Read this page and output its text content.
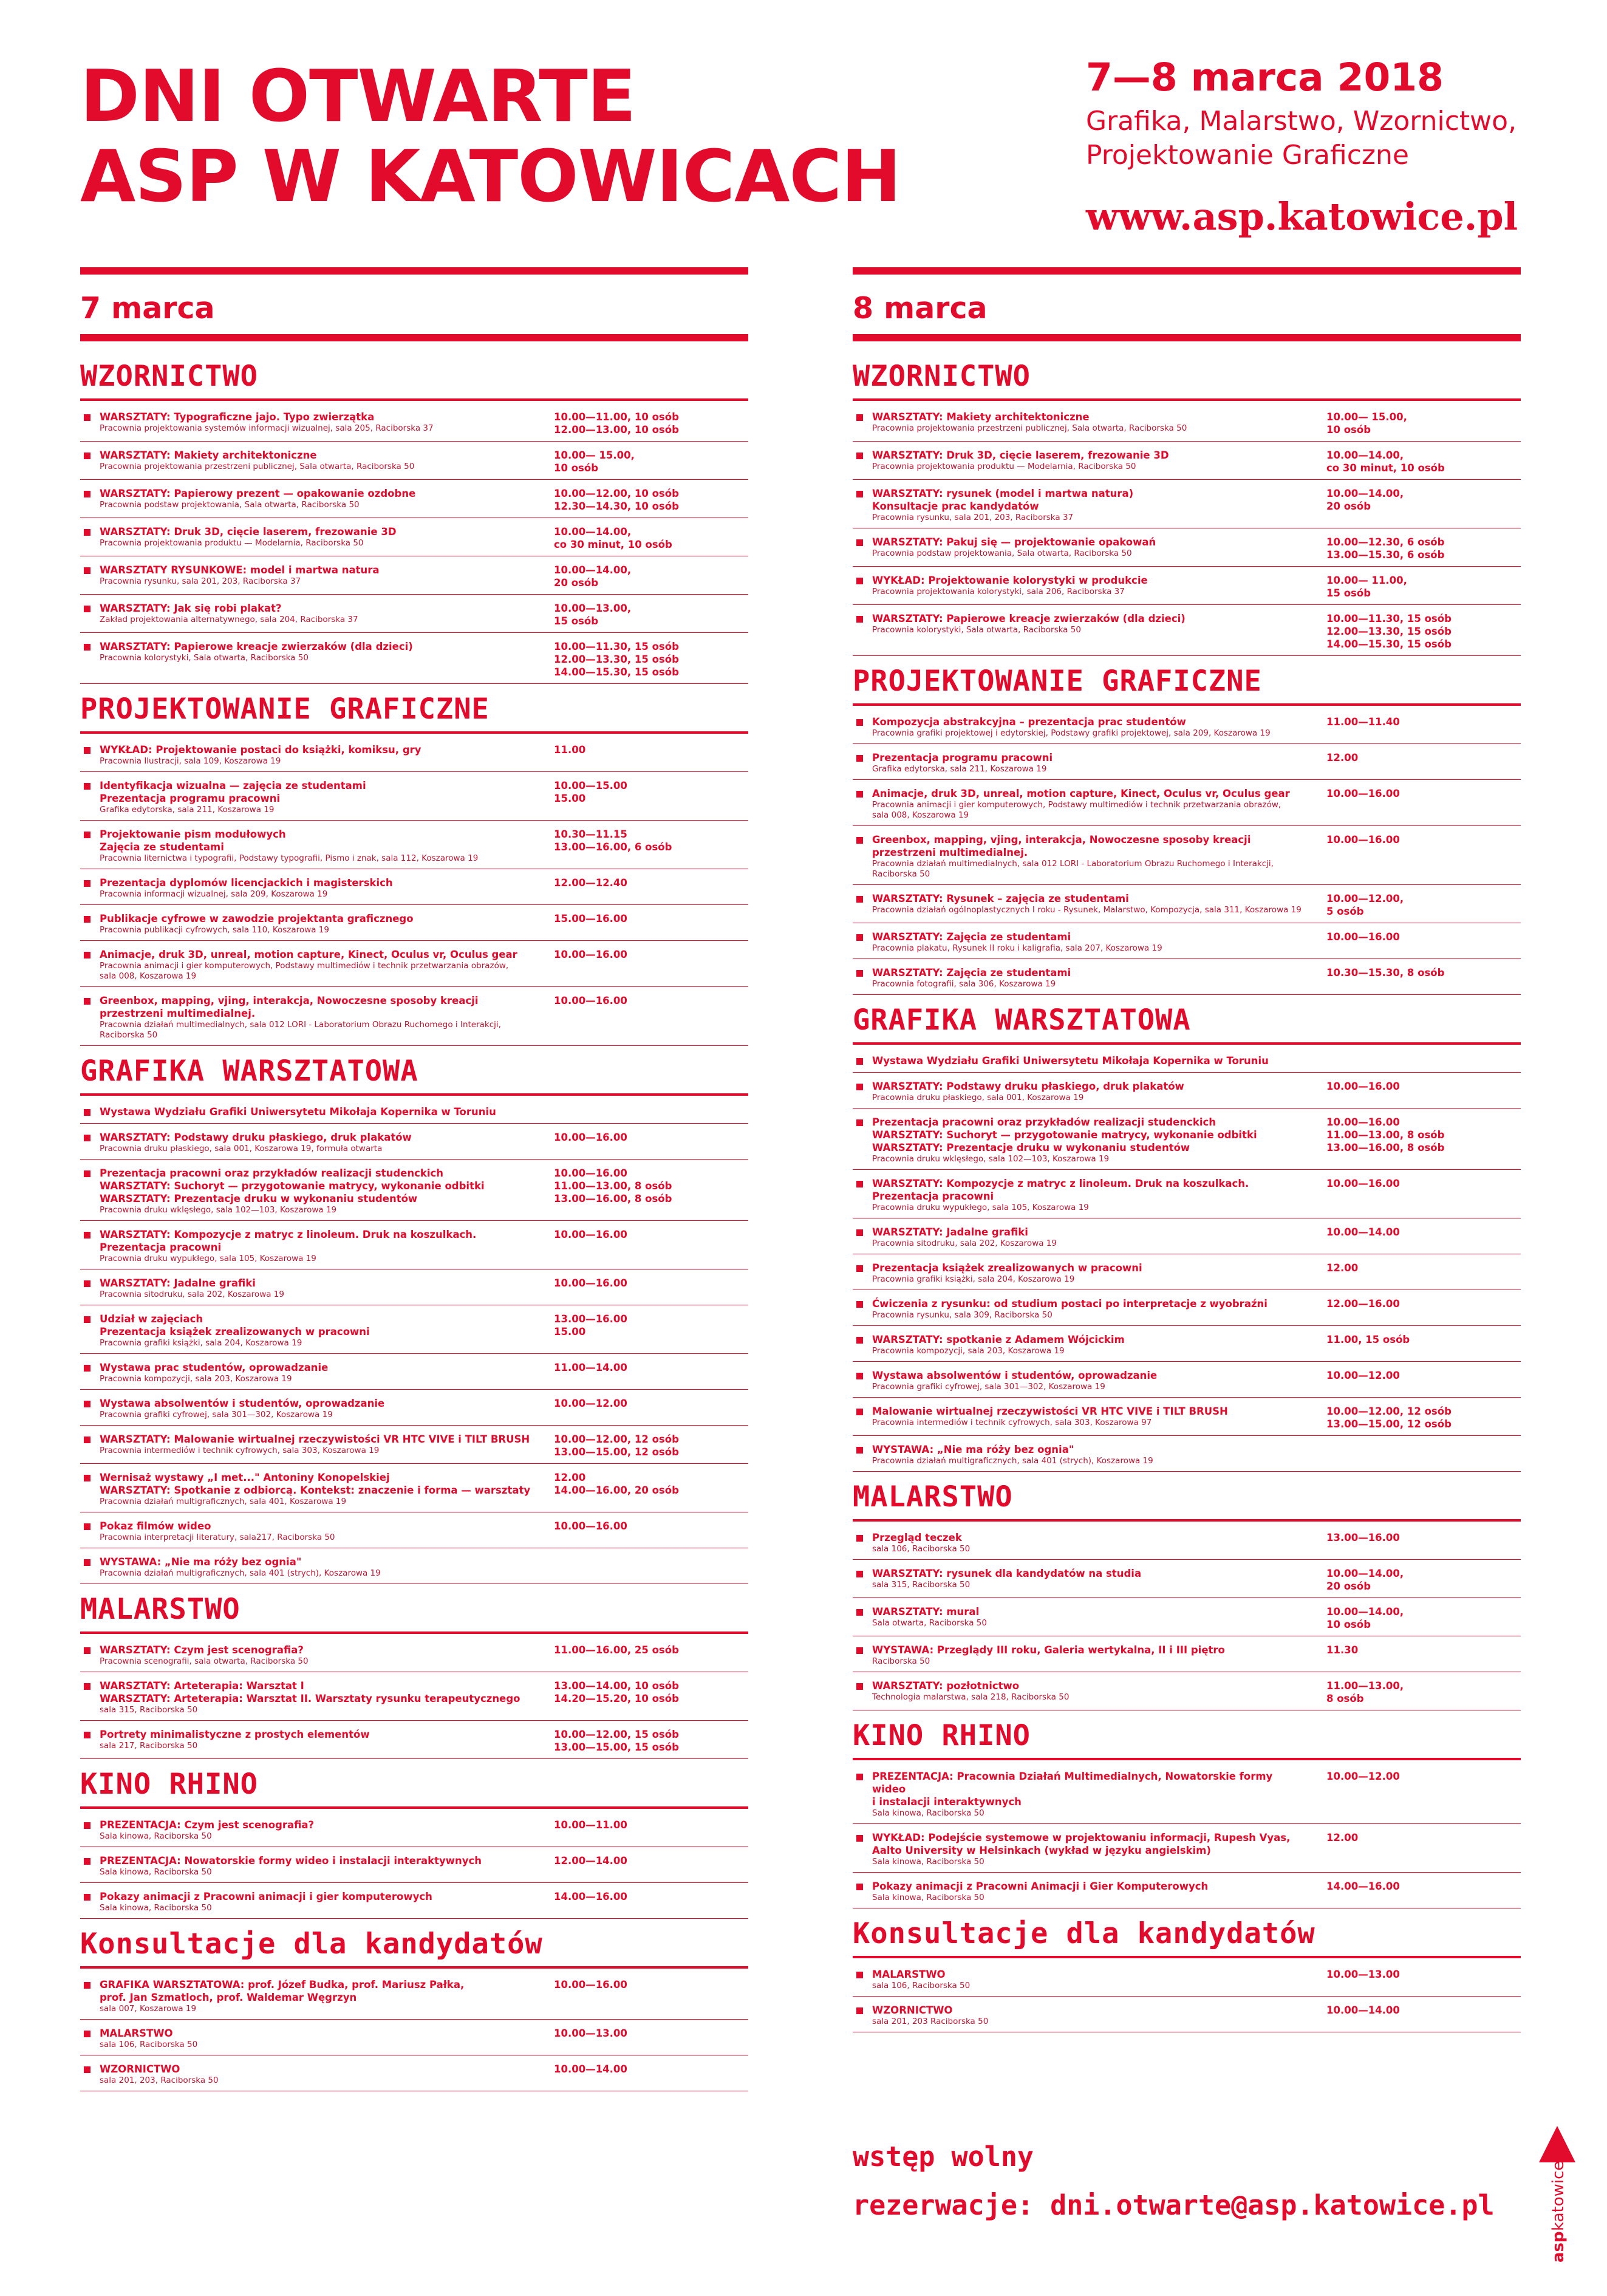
DNI OTWARTE
ASP W KATOWICACH
7—8 marca 2018
Grafika, Malarstwo, Wzornictwo,
Projektowanie Graficzne
www.asp.katowice.pl
7 marca
WZORNICTWO
WARSZTATY: Typograficzne jajo. Typo zwierzątka
Pracownia projektowania systemów informacji wizualnej, sala 205, Raciborska 37
10.00—11.00, 10 osób
12.00—13.00, 10 osób
WARSZTATY: Makiety architektoniczne
Pracownia projektowania przestrzeni publicznej, Sala otwarta, Raciborska 50
10.00— 15.00,
10 osób
WARSZTATY: Papierowy prezent — opakowanie ozdobne
Pracownia podstaw projektowania, Sala otwarta, Raciborska 50
10.00—12.00, 10 osób
12.30—14.30, 10 osób
WARSZTATY: Druk 3D, cięcie laserem, frezowanie 3D
Pracownia projektowania produktu — Modelarnia, Raciborska 50
10.00—14.00,
co 30 minut, 10 osób
WARSZTATY RYSUNKOWE: model i martwa natura
Pracownia rysunku, sala 201, 203, Raciborska 37
10.00—14.00,
20 osób
WARSZTATY: Jak się robi plakat?
Zakład projektowania alternatywnego, sala 204, Raciborska 37
10.00—13.00,
15 osób
WARSZTATY: Papierowe kreacje zwierzaków (dla dzieci)
Pracownia kolorystyki, Sala otwarta, Raciborska 50
10.00—11.30, 15 osób
12.00—13.30, 15 osób
14.00—15.30, 15 osób
PROJEKTOWANIE GRAFICZNE
WYKŁAD: Projektowanie postaci do książki, komiksu, gry
Pracownia Ilustracji, sala 109, Koszarowa 19
11.00
Identyfikacja wizualna — zajęcia ze studentami
Prezentacja programu pracowni
Grafika edytorska, sala 211, Koszarowa 19
10.00—15.00
15.00
Projektowanie pism modułowych
Zajęcia ze studentami
Pracownia liternictwa i typografii, Podstawy typografii, Pismo i znak, sala 112, Koszarowa 19
10.30—11.15
13.00—16.00, 6 osób
Prezentacja dyplomów licencjackich i magisterskich
Pracownia informacji wizualnej, sala 209, Koszarowa 19
12.00—12.40
Publikacje cyfrowe w zawodzie projektanta graficznego
Pracownia publikacji cyfrowych, sala 110, Koszarowa 19
15.00—16.00
Animacje, druk 3D, unreal, motion capture, Kinect, Oculus vr, Oculus gear
Pracownia animacji i gier komputerowych, Podstawy multimediów i technik przetwarzania obrazów,
sala 008, Koszarowa 19
10.00—16.00
Greenbox, mapping, vjing, interakcja, Nowoczesne sposoby kreacji przestrzeni multimedialnej.
Pracownia działań multimedialnych, sala 012 LORI - Laboratorium Obrazu Ruchomego i Interakcji, Raciborska 50
10.00—16.00
GRAFIKA WARSZTATOWA
Wystawa Wydziału Grafiki Uniwersytetu Mikołaja Kopernika w Toruniu
WARSZTATY: Podstawy druku płaskiego, druk plakatów
Pracownia druku płaskiego, sala 001, Koszarowa 19, formuła otwarta
10.00—16.00
Prezentacja pracowni oraz przykładów realizacji studenckich
WARSZTATY: Suchoryt — przygotowanie matrycy, wykonanie odbitki
WARSZTATY: Prezentacje druku w wykonaniu studentów
Pracownia druku wklęsłego, sala 102—103, Koszarowa 19
10.00—16.00
11.00—13.00, 8 osób
13.00—16.00, 8 osób
WARSZTATY: Kompozycje z matryc z linoleum. Druk na koszulkach.
Prezentacja pracowni
Pracownia druku wypukłego, sala 105, Koszarowa 19
10.00—16.00
WARSZTATY: Jadalne grafiki
Pracownia sitodruku, sala 202, Koszarowa 19
10.00—16.00
Udział w zajęciach
Prezentacja książek zrealizowanych w pracowni
Pracownia grafiki książki, sala 204, Koszarowa 19
13.00—16.00
15.00
Wystawa prac studentów, oprowadzanie
Pracownia kompozycji, sala 203, Koszarowa 19
11.00—14.00
Wystawa absolwentów i studentów, oprowadzanie
Pracownia grafiki cyfrowej, sala 301—302, Koszarowa 19
10.00—12.00
WARSZTATY: Malowanie wirtualnej rzeczywistości VR HTC VIVE i TILT BRUSH
Pracownia intermediów i technik cyfrowych, sala 303, Koszarowa 19
10.00—12.00, 12 osób
13.00—15.00, 12 osób
Wernisaż wystawy „I met..." Antoniny Konopelskiej
WARSZTATY: Spotkanie z odbiorcą. Kontekst: znaczenie i forma — warsztaty
Pracownia działań multigraficznych, sala 401, Koszarowa 19
12.00
14.00—16.00, 20 osób
Pokaz filmów wideo
Pracownia interpretacji literatury, sala217, Raciborska 50
10.00—16.00
WYSTAWA: „Nie ma róży bez ognia"
Pracownia działań multigraficznych, sala 401 (strych), Koszarowa 19
MALARSTWO
WARSZTATY: Czym jest scenografia?
Pracownia scenografii, sala otwarta, Raciborska 50
11.00—16.00, 25 osób
WARSZTATY: Arteterapia: Warsztat I
WARSZTATY: Arteterapia: Warsztat II. Warsztaty rysunku terapeutycznego
sala 315, Raciborska 50
13.00—14.00, 10 osób
14.20—15.20, 10 osób
Portrety minimalistyczne z prostych elementów
sala 217, Raciborska 50
10.00—12.00, 15 osób
13.00—15.00, 15 osób
KINO RHINO
PREZENTACJA: Czym jest scenografia?
Sala kinowa, Raciborska 50
10.00—11.00
PREZENTACJA: Nowatorskie formy wideo i instalacji interaktywnych
Sala kinowa, Raciborska 50
12.00—14.00
Pokazy animacji z Pracowni animacji i gier komputerowych
Sala kinowa, Raciborska 50
14.00—16.00
Konsultacje dla kandydatów
GRAFIKA WARSZTATOWA: prof. Józef Budka, prof. Mariusz Pałka,
prof. Jan Szmatloch, prof. Waldemar Węgrzyn
sala 007, Koszarowa 19
10.00—16.00
MALARSTWO
sala 106, Raciborska 50
10.00—13.00
WZORNICTWO
sala 201, 203, Raciborska 50
10.00—14.00
8 marca
WZORNICTWO
WARSZTATY: Makiety architektoniczne
Pracownia projektowania przestrzeni publicznej, Sala otwarta, Raciborska 50
10.00— 15.00,
10 osób
WARSZTATY: Druk 3D, cięcie laserem, frezowanie 3D
Pracownia projektowania produktu — Modelarnia, Raciborska 50
10.00—14.00,
co 30 minut, 10 osób
WARSZTATY: rysunek (model i martwa natura)
Konsultacje prac kandydatów
Pracownia rysunku, sala 201, 203, Raciborska 37
10.00—14.00,
20 osób
WARSZTATY: Pakuj się — projektowanie opakowań
Pracownia podstaw projektowania, Sala otwarta, Raciborska 50
10.00—12.30, 6 osób
13.00—15.30, 6 osób
WYKŁAD: Projektowanie kolorystyki w produkcie
Pracownia projektowania kolorystyki, sala 206, Raciborska 37
10.00— 11.00,
15 osób
WARSZTATY: Papierowe kreacje zwierzaków (dla dzieci)
Pracownia kolorystyki, Sala otwarta, Raciborska 50
10.00—11.30, 15 osób
12.00—13.30, 15 osób
14.00—15.30, 15 osób
PROJEKTOWANIE GRAFICZNE
Kompozycja abstrakcyjna – prezentacja prac studentów
Pracownia grafiki projektowej i edytorskiej, Podstawy grafiki projektowej, sala 209, Koszarowa 19
11.00—11.40
Prezentacja programu pracowni
Grafika edytorska, sala 211, Koszarowa 19
12.00
Animacje, druk 3D, unreal, motion capture, Kinect, Oculus vr, Oculus gear
Pracownia animacji i gier komputerowych, Podstawy multimediów i technik przetwarzania obrazów,
sala 008, Koszarowa 19
10.00—16.00
Greenbox, mapping, vjing, interakcja, Nowoczesne sposoby kreacji przestrzeni multimedialnej.
Pracownia działań multimedialnych, sala 012 LORI - Laboratorium Obrazu Ruchomego i Interakcji, Raciborska 50
10.00—16.00
WARSZTATY: Rysunek – zajęcia ze studentami
Pracownia działań ogólnoplastycznych I roku - Rysunek, Malarstwo, Kompozycja, sala 311, Koszarowa 19
10.00—12.00,
5 osób
WARSZTATY: Zajęcia ze studentami
Pracownia plakatu, Rysunek II roku i kaligrafia, sala 207, Koszarowa 19
10.00—16.00
WARSZTATY: Zajęcia ze studentami
Pracownia fotografii, sala 306, Koszarowa 19
10.30—15.30, 8 osób
GRAFIKA WARSZTATOWA
Wystawa Wydziału Grafiki Uniwersytetu Mikołaja Kopernika w Toruniu
WARSZTATY: Podstawy druku płaskiego, druk plakatów
Pracownia druku płaskiego, sala 001, Koszarowa 19
10.00—16.00
Prezentacja pracowni oraz przykładów realizacji studenckich
WARSZTATY: Suchoryt — przygotowanie matrycy, wykonanie odbitki
WARSZTATY: Prezentacje druku w wykonaniu studentów
Pracownia druku wklęsłego, sala 102—103, Koszarowa 19
10.00—16.00
11.00—13.00, 8 osób
13.00—16.00, 8 osób
WARSZTATY: Kompozycje z matryc z linoleum. Druk na koszulkach.
Prezentacja pracowni
Pracownia druku wypukłego, sala 105, Koszarowa 19
10.00—16.00
WARSZTATY: Jadalne grafiki
Pracownia sitodruku, sala 202, Koszarowa 19
10.00—14.00
Prezentacja książek zrealizowanych w pracowni
Pracownia grafiki książki, sala 204, Koszarowa 19
12.00
Ćwiczenia z rysunku: od studium postaci po interpretacje z wyobraźni
Pracownia rysunku, sala 309, Raciborska 50
12.00—16.00
WARSZTATY: spotkanie z Adamem Wójcickim
Pracownia kompozycji, sala 203, Koszarowa 19
11.00, 15 osób
Wystawa absolwentów i studentów, oprowadzanie
Pracownia grafiki cyfrowej, sala 301—302, Koszarowa 19
10.00—12.00
Malowanie wirtualnej rzeczywistości VR HTC VIVE i TILT BRUSH
Pracownia intermediów i technik cyfrowych, sala 303, Koszarowa 97
10.00—12.00, 12 osób
13.00—15.00, 12 osób
WYSTAWA: „Nie ma róży bez ognia"
Pracownia działań multigraficznych, sala 401 (strych), Koszarowa 19
MALARSTWO
Przegląd teczek
sala 106, Raciborska 50
13.00—16.00
WARSZTATY: rysunek dla kandydatów na studia
sala 315, Raciborska 50
10.00—14.00,
20 osób
WARSZTATY: mural
Sala otwarta, Raciborska 50
10.00—14.00,
10 osób
WYSTAWA: Przeglądy III roku, Galeria wertykalna, II i III piętro
Raciborska 50
11.30
WARSZTATY: pozłotnictwo
Technologia malarstwa, sala 218, Raciborska 50
11.00—13.00,
8 osób
KINO RHINO
PREZENTACJA: Pracownia Działań Multimedialnych, Nowatorskie formy wideo
i instalacji interaktywnych
Sala kinowa, Raciborska 50
10.00—12.00
WYKŁAD: Podejście systemowe w projektowaniu informacji, Rupesh Vyas,
Aalto University w Helsinkach (wykład w języku angielskim)
Sala kinowa, Raciborska 50
12.00
Pokazy animacji z Pracowni Animacji i Gier Komputerowych
Sala kinowa, Raciborska 50
14.00—16.00
Konsultacje dla kandydatów
MALARSTWO
sala 106, Raciborska 50
10.00—13.00
WZORNICTWO
sala 201, 203 Raciborska 50
10.00—14.00
wstęp wolny
rezerwacje: dni.otwarte@asp.katowice.pl
asp
katowice
